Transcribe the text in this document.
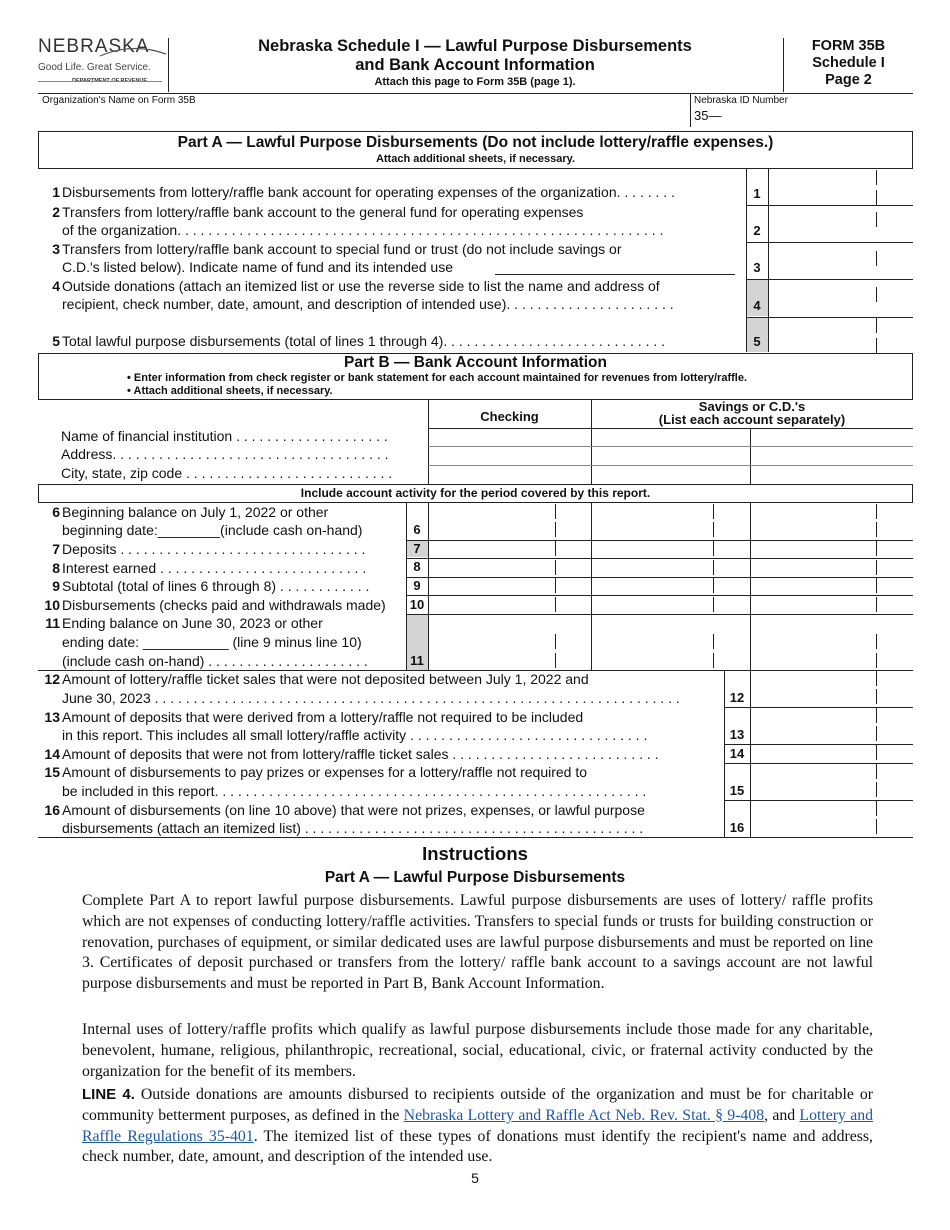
NEBRASKA
Good Life. Great Service.
DEPARTMENT OF REVENUE
Nebraska Schedule I — Lawful Purpose Disbursements
and Bank Account Information
Attach this page to Form 35B (page 1).
FORM 35B
Schedule I
Page 2
Organization's Name on Form 35B	Nebraska ID Number
35—
Part A — Lawful Purpose Disbursements (Do not include lottery/raffle expenses.)
Attach additional sheets, if necessary.
1 Disbursements from lottery/raffle bank account for operating expenses of the organization. . . . . . . .
2 Transfers from lottery/raffle bank account to the general fund for operating expenses
of the organization. . . . . . . . . . . . . . . . . . . . . . . . . . . . . . . . . . . . . . . . . . . . . . . . . . . . . . . . . . . . . . .
3 Transfers from lottery/raffle bank account to special fund or trust (do not include savings or
C.D.'s listed below). Indicate name of fund and its intended use
4 Outside donations (attach an itemized list or use the reverse side to list the name and address of
recipient, check number, date, amount, and description of intended use). . . . . . . . . . . . . . . . . . . . . .
5 Total lawful purpose disbursements (total of lines 1 through 4). . . . . . . . . . . . . . . . . . . . . . . . . . . . .
1
2
3
4
5
Part B — Bank Account Information
• Enter information from check register or bank statement for each account maintained for revenues from lottery/raffle.
• Attach additional sheets, if necessary.
Checking
Savings or C.D.'s
(List each account separately)
Name of financial institution . . . . . . . . . . . . . . . . . . . .
Address. . . . . . . . . . . . . . . . . . . . . . . . . . . . . . . . . . . .
City, state, zip code . . . . . . . . . . . . . . . . . . . . . . . . . . .
Include account activity for the period covered by this report.
6 Beginning balance on July 1, 2022 or other
beginning date:________(include cash on-hand)
7 Deposits . . . . . . . . . . . . . . . . . . . . . . . . . . . . . . . .
8 Interest earned . . . . . . . . . . . . . . . . . . . . . . . . . . .
9 Subtotal (total of lines 6 through 8) . . . . . . . . . . . .
10 Disbursements (checks paid and withdrawals made)
11 Ending balance on June 30, 2023 or other
ending date: ___________ (line 9 minus line 10)
(include cash on-hand) . . . . . . . . . . . . . . . . . . . . .
6
7
8
9
10
11
12 Amount of lottery/raffle ticket sales that were not deposited between July 1, 2022 and
June 30, 2023 . . . . . . . . . . . . . . . . . . . . . . . . . . . . . . . . . . . . . . . . . . . . . . . . . . . . . . . . . . . . . . . . . . . .
13 Amount of deposits that were derived from a lottery/raffle not required to be included
in this report. This includes all small lottery/raffle activity . . . . . . . . . . . . . . . . . . . . . . . . . . . . . . .
14 Amount of deposits that were not from lottery/raffle ticket sales . . . . . . . . . . . . . . . . . . . . . . . . . . .
15 Amount of disbursements to pay prizes or expenses for a lottery/raffle not required to
be included in this report. . . . . . . . . . . . . . . . . . . . . . . . . . . . . . . . . . . . . . . . . . . . . . . . . . . . . . . .
16 Amount of disbursements (on line 10 above) that were not prizes, expenses, or lawful purpose
disbursements (attach an itemized list) . . . . . . . . . . . . . . . . . . . . . . . . . . . . . . . . . . . . . . . . . . . .
12
13
14
15
16
Instructions
Part A — Lawful Purpose Disbursements
Complete Part A to report lawful purpose disbursements. Lawful purpose disbursements are uses of lottery/ raffle profits which are not expenses of conducting lottery/raffle activities. Transfers to special funds or trusts for building construction or renovation, purchases of equipment, or similar dedicated uses are lawful purpose disbursements and must be reported on line 3. Certificates of deposit purchased or transfers from the lottery/ raffle bank account to a savings account are not lawful purpose disbursements and must be reported in Part B, Bank Account Information.
Internal uses of lottery/raffle profits which qualify as lawful purpose disbursements include those made for any charitable, benevolent, humane, religious, philanthropic, recreational, social, educational, civic, or fraternal activity conducted by the organization for the benefit of its members.
LINE 4. Outside donations are amounts disbursed to recipients outside of the organization and must be for charitable or community betterment purposes, as defined in the Nebraska Lottery and Raffle Act Neb. Rev. Stat. § 9-408, and Lottery and Raffle Regulations 35-401. The itemized list of these types of donations must identify the recipient's name and address, check number, date, amount, and description of the intended use.
5
